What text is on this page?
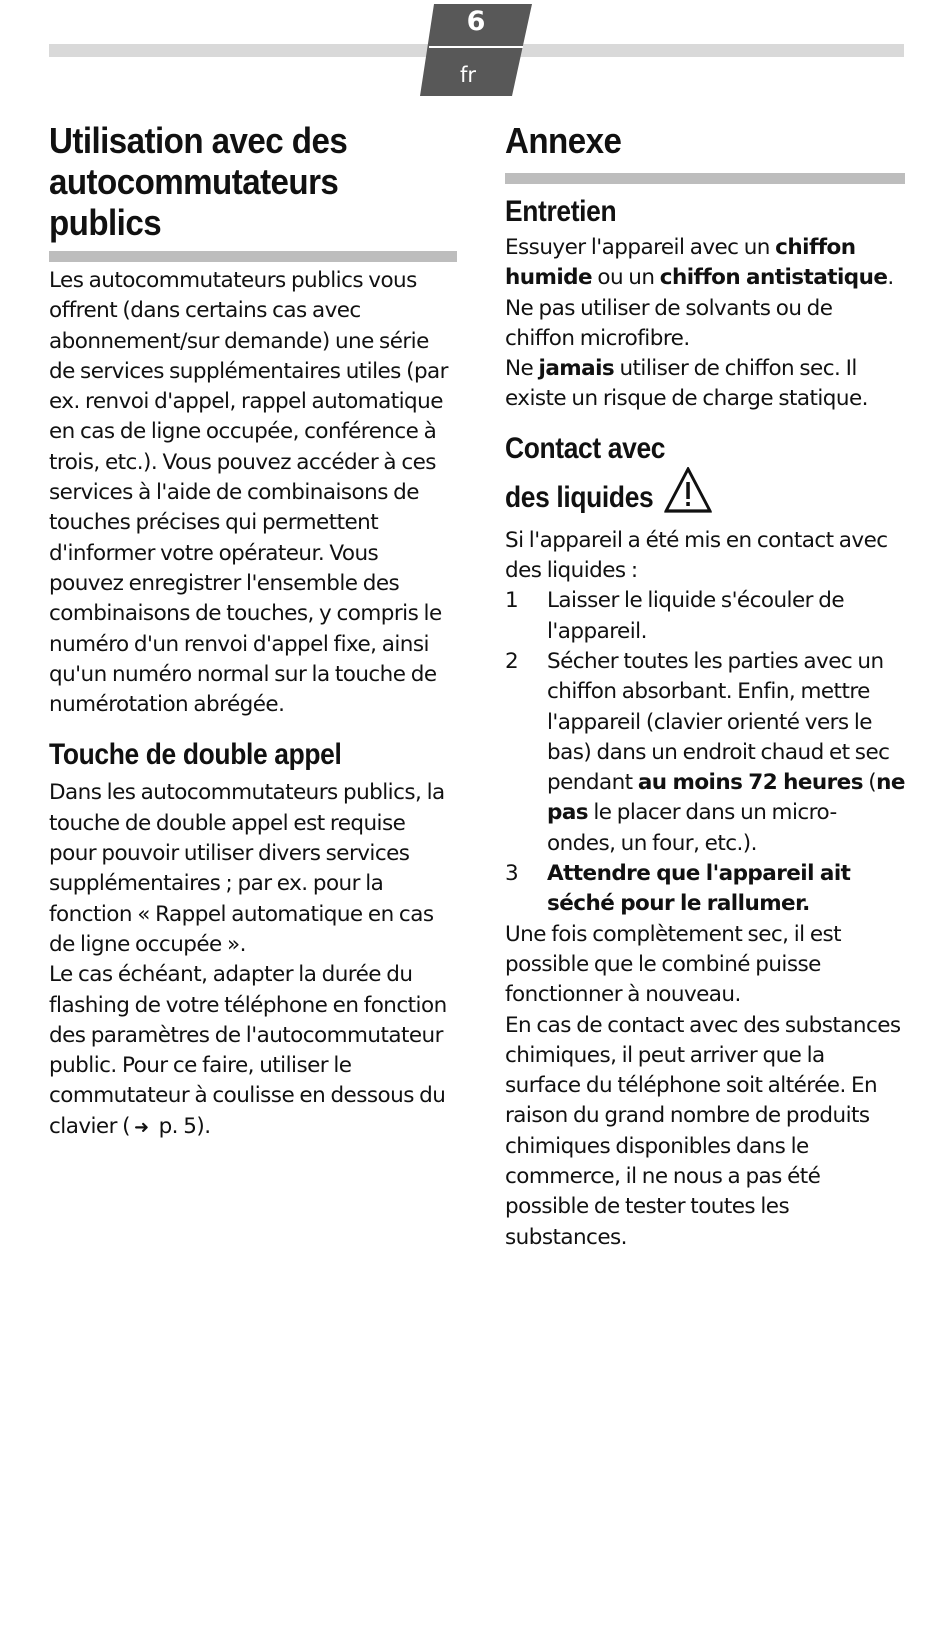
6
fr
Utilisation avec des
autocommutateurs
publics

Les autocommutateurs publics vous offrent (dans certains cas avec abonnement/sur demande) une série de services supplémentaires utiles (par ex. renvoi d'appel, rappel automatique en cas de ligne occupée, conférence à trois, etc.). Vous pouvez accéder à ces services à l'aide de combinaisons de touches précises qui permettent d'informer votre opérateur. Vous pouvez enregistrer l'ensemble des combinaisons de touches, y compris le numéro d'un renvoi d'appel fixe, ainsi qu'un numéro normal sur la touche de numérotation abrégée.

Touche de double appel

Dans les autocommutateurs publics, la touche de double appel est requise pour pouvoir utiliser divers services supplémentaires ; par ex. pour la fonction « Rappel automatique en cas de ligne occupée ».

Le cas échéant, adapter la durée du flashing de votre téléphone en fonction des paramètres de l'autocommutateur public. Pour ce faire, utiliser le commutateur à coulisse en dessous du clavier ( ➜ p. 5).

Annexe
Entretien

Essuyer l'appareil avec un chiffon humide ou un chiffon antistatique. Ne pas utiliser de solvants ou de chiffon microfibre.

Ne jamais utiliser de chiffon sec. Il existe un risque de charge statique.

Contact avec
des liquides

Si l'appareil a été mis en contact avec des liquides :

1	Laisser le liquide s'écouler de l'appareil.
2	Sécher toutes les parties avec un chiffon absorbant. Enfin, mettre l'appareil (clavier orienté vers le bas) dans un endroit chaud et sec pendant au moins 72 heures (ne pas le placer dans un micro-ondes, un four, etc.).
3	Attendre que l'appareil ait séché pour le rallumer.

Une fois complètement sec, il est possible que le combiné puisse fonctionner à nouveau.

En cas de contact avec des substances chimiques, il peut arriver que la surface du téléphone soit altérée. En raison du grand nombre de produits chimiques disponibles dans le commerce, il ne nous a pas été possible de tester toutes les substances.
